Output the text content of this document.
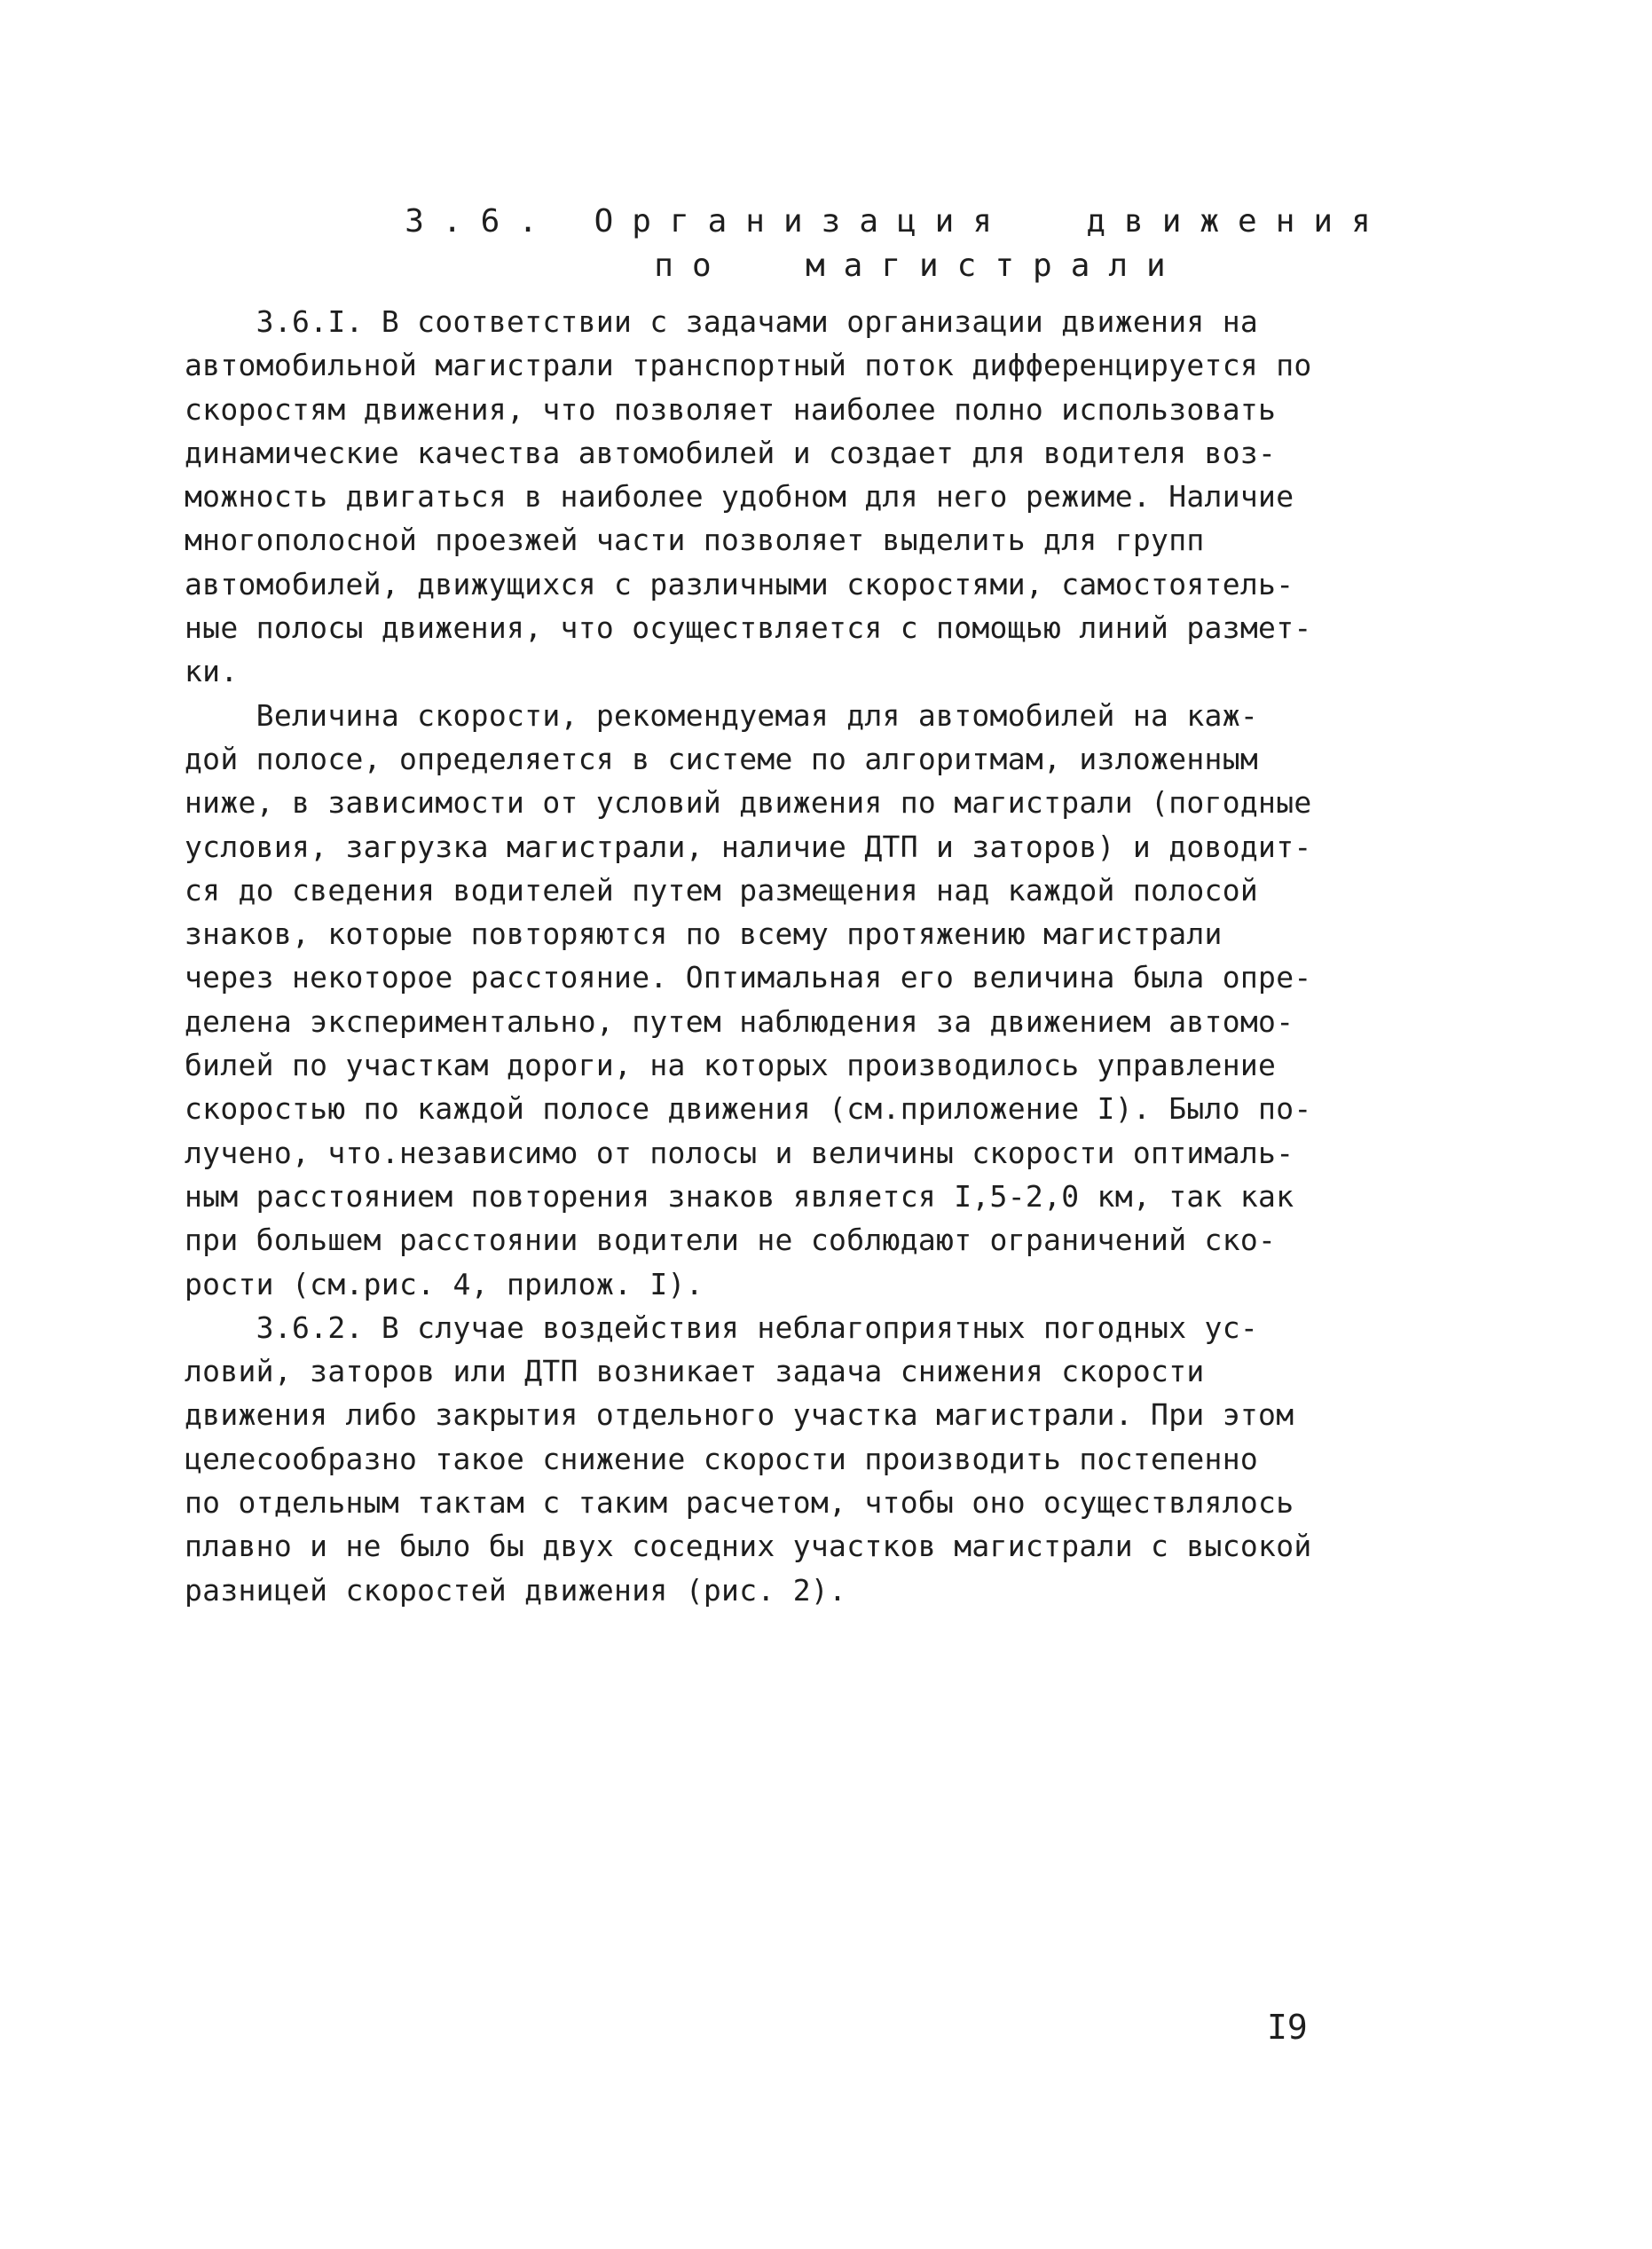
3.6. Организация  движения
по  магистрали
3.6.I. В соответствии с задачами организации движения на
автомобильной магистрали транспортный поток дифференцируется по
скоростям движения, что позволяет наиболее полно использовать
динамические качества автомобилей и создает для водителя воз-
можность двигаться в наиболее удобном для него режиме. Наличие
многополосной проезжей части позволяет выделить для групп
автомобилей, движущихся с различными скоростями, самостоятель-
ные полосы движения, что осуществляется с помощью линий размет-
ки.
Величина скорости, рекомендуемая для автомобилей на каж-
дой полосе, определяется в системе по алгоритмам, изложенным
ниже, в зависимости от условий движения по магистрали (погодные
условия, загрузка магистрали, наличие ДТП и заторов) и доводит-
ся до сведения водителей путем размещения над каждой полосой
знаков, которые повторяются по всему протяжению магистрали
через некоторое расстояние. Оптимальная его величина была опре-
делена экспериментально, путем наблюдения за движением автомо-
билей по участкам дороги, на которых производилось управление
скоростью по каждой полосе движения (см.приложение I). Было по-
лучено, что.независимо от полосы и величины скорости оптималь-
ным расстоянием повторения знаков является I,5-2,0 км, так как
при большем расстоянии водители не соблюдают ограничений ско-
рости (см.рис. 4, прилож. I).
3.6.2. В случае воздействия неблагоприятных погодных ус-
ловий, заторов или ДТП возникает задача снижения скорости
движения либо закрытия отдельного участка магистрали. При этом
целесообразно такое снижение скорости производить постепенно
по отдельным тактам с таким расчетом, чтобы оно осуществлялось
плавно и не было бы двух соседних участков магистрали с высокой
разницей скоростей движения (рис. 2).
I9
